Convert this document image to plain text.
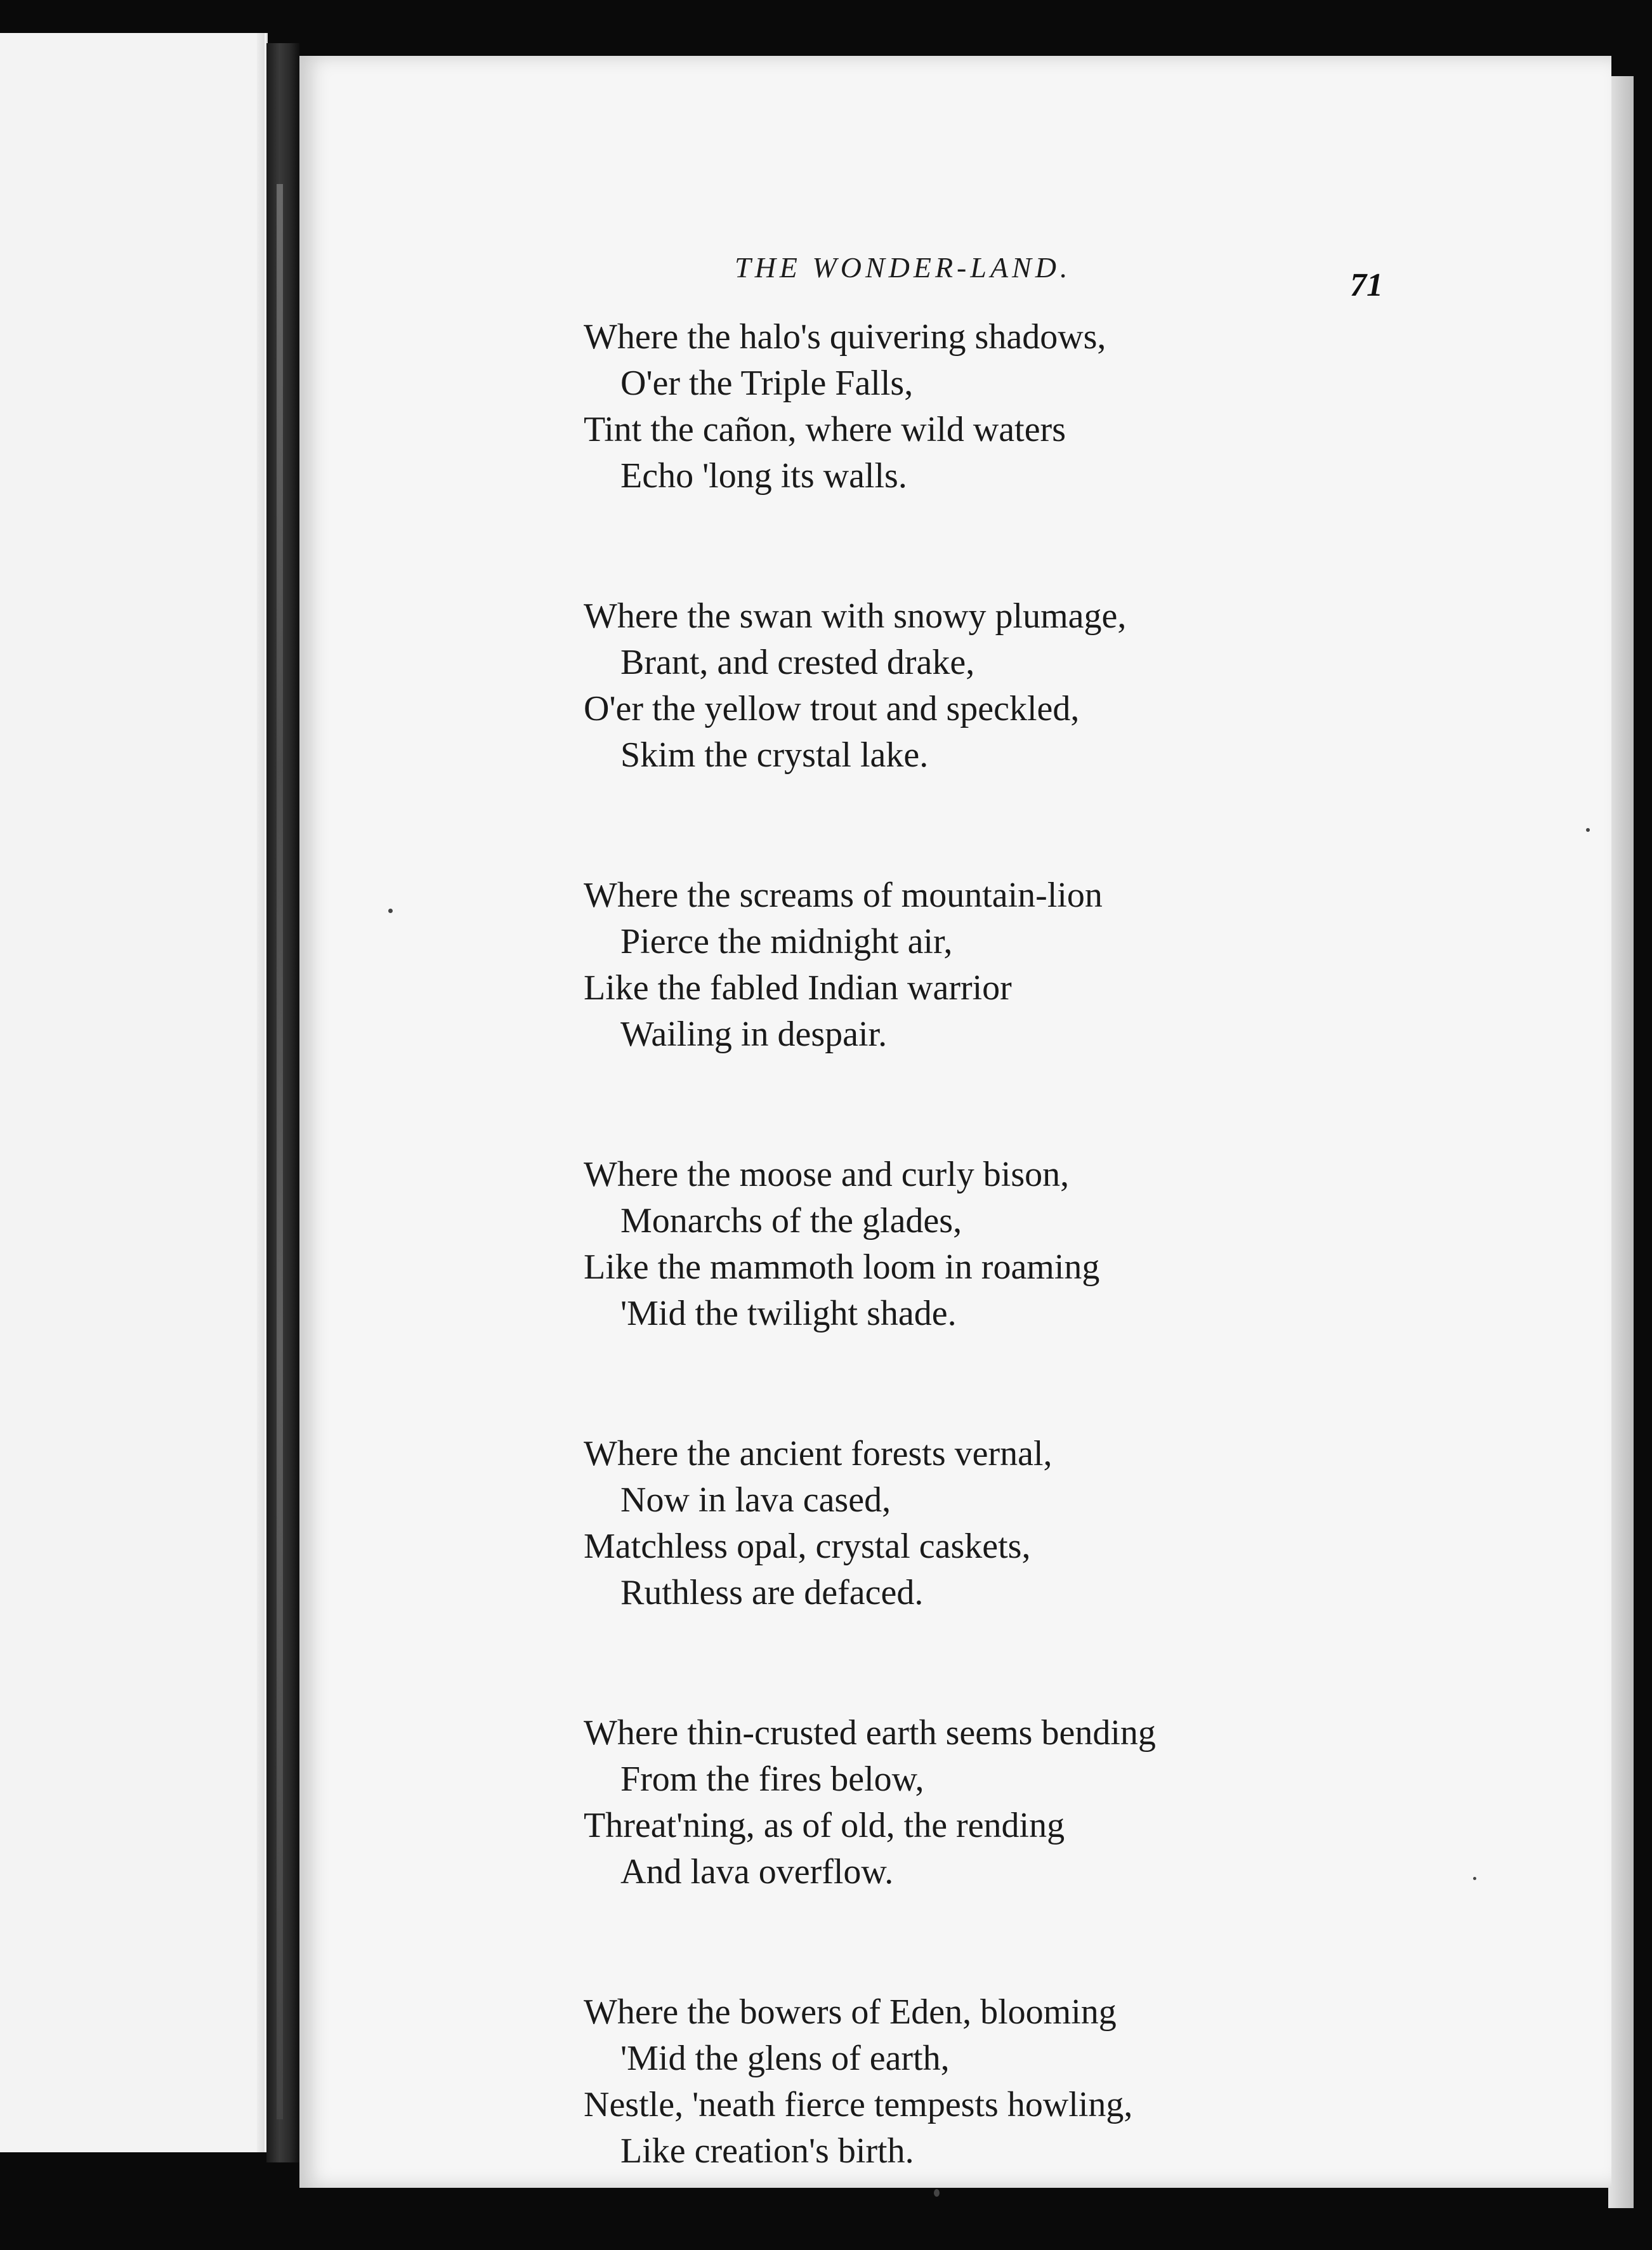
THE WONDER-LAND.	71
Where the halo's quivering shadows,
O'er the Triple Falls,
Tint the cañon, where wild waters
Echo 'long its walls.
Where the swan with snowy plumage,
Brant, and crested drake,
O'er the yellow trout and speckled,
Skim the crystal lake.
Where the screams of mountain-lion
Pierce the midnight air,
Like the fabled Indian warrior
Wailing in despair.
Where the moose and curly bison,
Monarchs of the glades,
Like the mammoth loom in roaming
'Mid the twilight shade.
Where the ancient forests vernal,
Now in lava cased,
Matchless opal, crystal caskets,
Ruthless are defaced.
Where thin-crusted earth seems bending
From the fires below,
Threat'ning, as of old, the rending
And lava overflow.
Where the bowers of Eden, blooming
'Mid the glens of earth,
Nestle, 'neath fierce tempests howling,
Like creation's birth.
